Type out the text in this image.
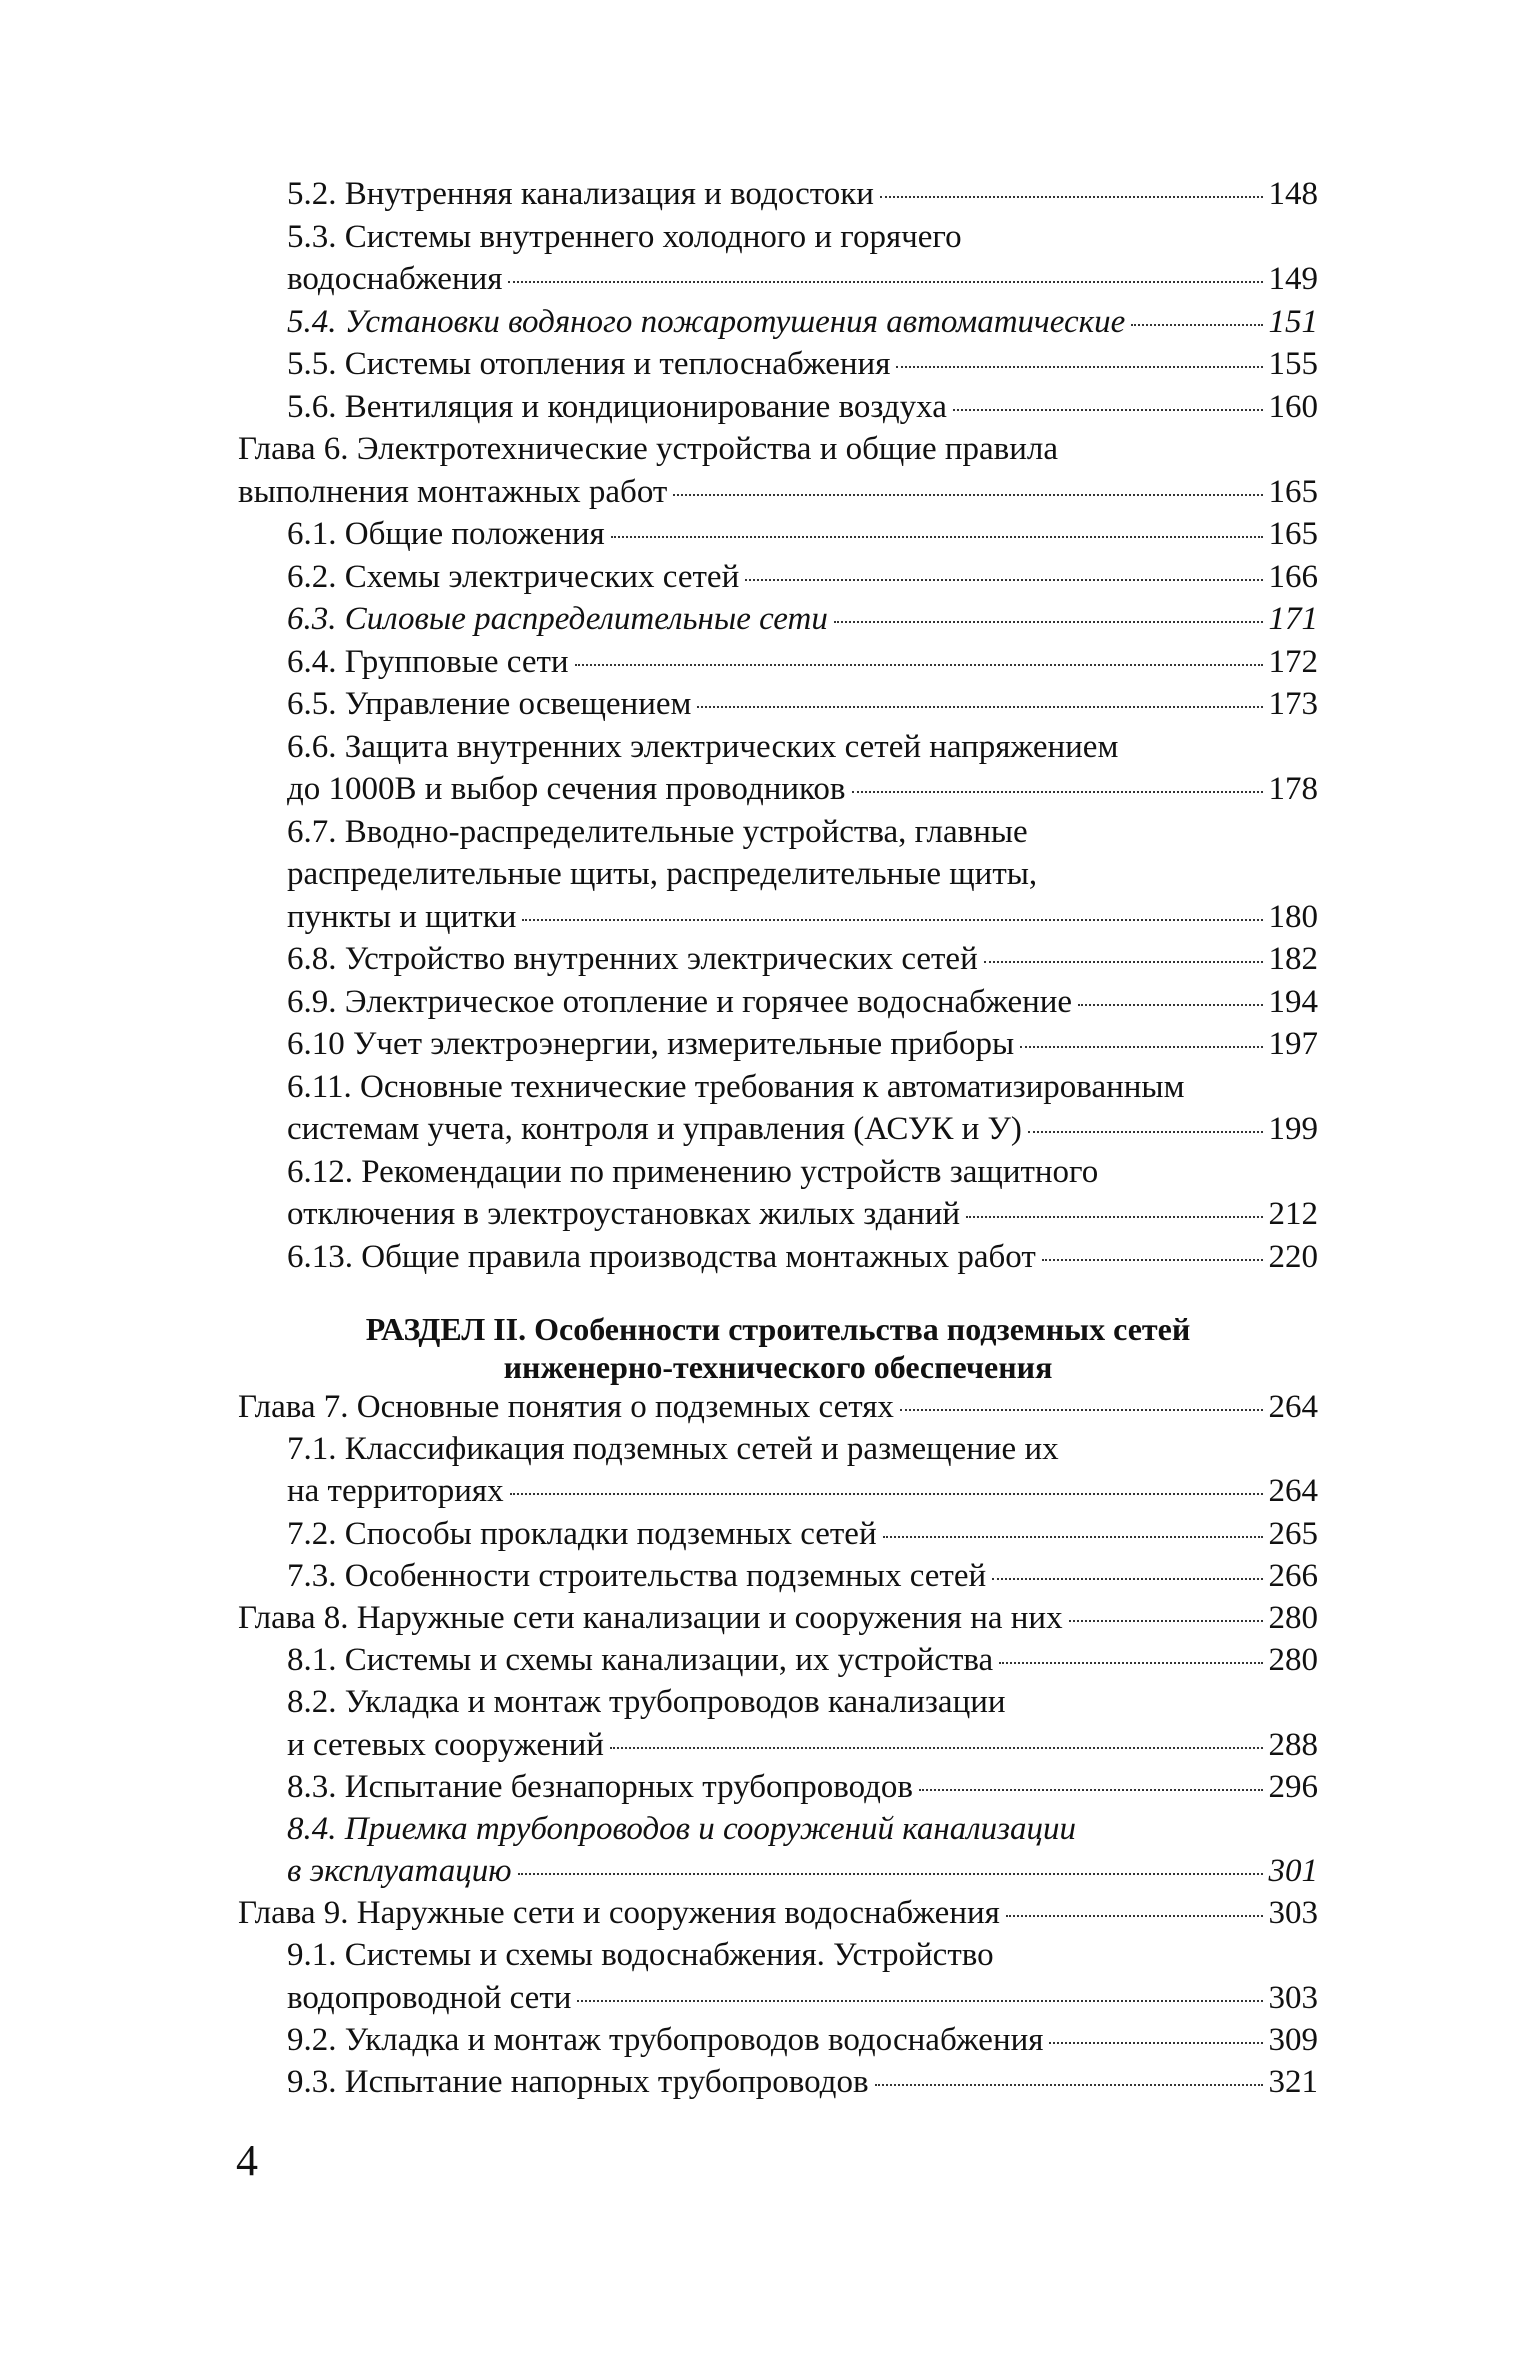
5.2. Внутренняя канализация и водостоки	148
5.3. Системы внутреннего холодного и горячего
водоснабжения	149
5.4. Установки водяного пожаротушения автоматические	151
5.5. Системы отопления и теплоснабжения	155
5.6. Вентиляция и кондиционирование воздуха	160
Глава 6. Электротехнические устройства и общие правила
выполнения монтажных работ	165
6.1. Общие положения	165
6.2. Схемы электрических сетей	166
6.3. Силовые распределительные сети	171
6.4. Групповые сети	172
6.5. Управление освещением	173
6.6. Защита внутренних электрических сетей напряжением
до 1000В и выбор сечения проводников	178
6.7. Вводно-распределительные устройства, главные
распределительные щиты, распределительные щиты,
пункты и щитки	180
6.8. Устройство внутренних электрических сетей	182
6.9. Электрическое отопление и горячее водоснабжение	194
6.10 Учет электроэнергии, измерительные приборы	197
6.11. Основные технические требования к автоматизированным
системам учета, контроля и управления (АСУК и У)	199
6.12. Рекомендации по применению устройств защитного
отключения в электроустановках жилых зданий	212
6.13. Общие правила производства монтажных работ	220
РАЗДЕЛ II. Особенности строительства подземных сетей
инженерно-технического обеспечения
Глава 7. Основные понятия о подземных сетях	264
7.1. Классификация подземных сетей и размещение их
на территориях	264
7.2. Способы прокладки подземных сетей	265
7.3. Особенности строительства подземных сетей	266
Глава 8. Наружные сети канализации и сооружения на них	280
8.1. Системы и схемы канализации, их устройства	280
8.2. Укладка и монтаж трубопроводов канализации
и сетевых сооружений	288
8.3. Испытание безнапорных трубопроводов	296
8.4. Приемка трубопроводов и сооружений канализации
в эксплуатацию	301
Глава 9. Наружные сети и сооружения водоснабжения	303
9.1. Системы и схемы водоснабжения. Устройство
водопроводной сети	303
9.2. Укладка и монтаж трубопроводов водоснабжения	309
9.3. Испытание напорных трубопроводов	321
4
